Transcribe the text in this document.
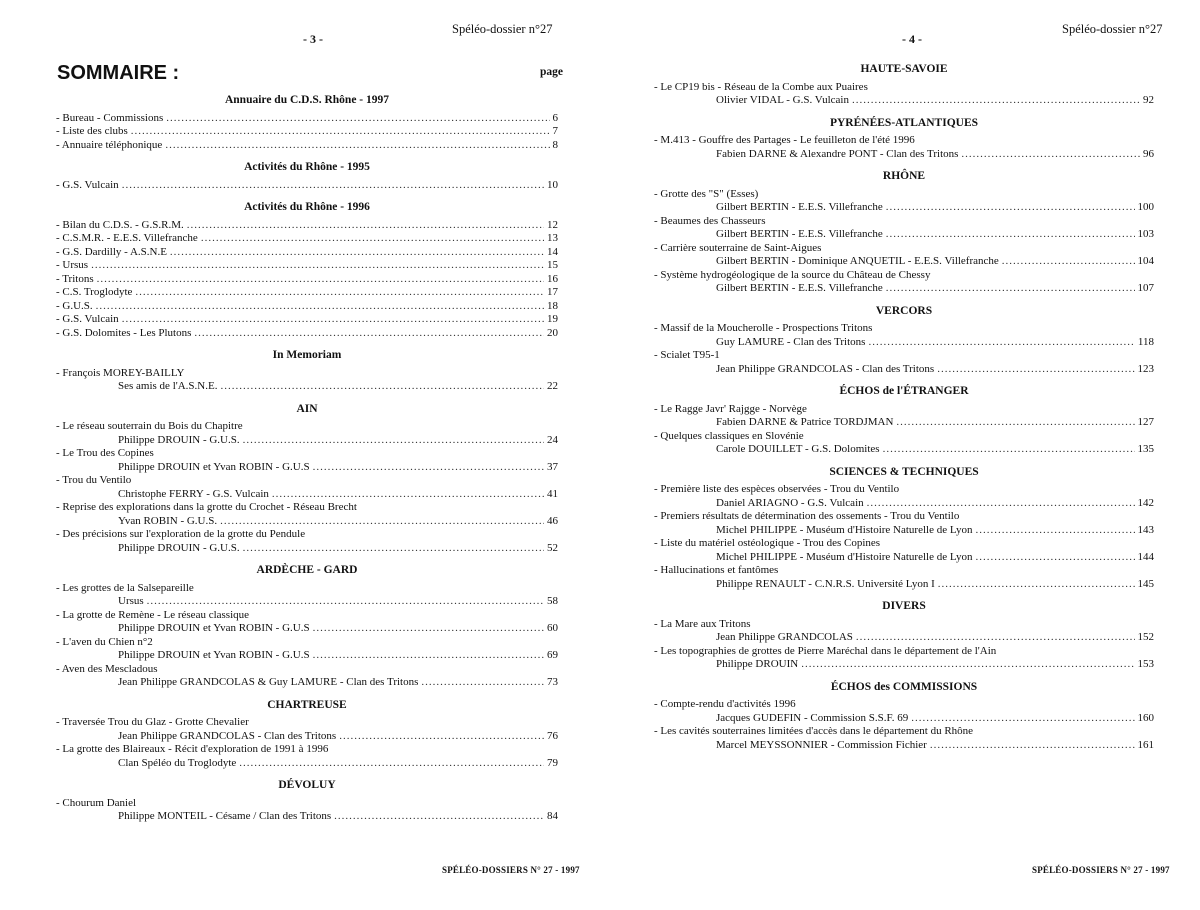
Spéléo-dossier n°27
- 3 -
SOMMAIRE :	page
Annuaire du C.D.S. Rhône - 1997
- Bureau - Commissions .....	6
- Liste des clubs .....	7
- Annuaire téléphonique .....	8
Activités du Rhône - 1995
- G.S. Vulcain .....	10
Activités du Rhône - 1996
- Bilan du C.D.S. - G.S.R.M. .....	12
- C.S.M.R. - E.E.S. Villefranche .....	13
- G.S. Dardilly - A.S.N.E .....	14
- Ursus .....	15
- Tritons .....	16
- C.S. Troglodyte .....	17
- G.U.S. .....	18
- G.S. Vulcain .....	19
- G.S. Dolomites - Les Plutons .....	20
In Memoriam
- François MOREY-BAILLY
Ses amis de l'A.S.N.E. .....	22
AIN
- Le réseau souterrain du Bois du Chapitre
Philippe DROUIN - G.U.S. .....	24
- Le Trou des Copines
Philippe DROUIN et Yvan ROBIN - G.U.S .....	37
- Trou du Ventilo
Christophe FERRY - G.S. Vulcain .....	41
- Reprise des explorations dans la grotte du Crochet - Réseau Brecht
Yvan ROBIN - G.U.S. .....	46
- Des précisions sur l'exploration de la grotte du Pendule
Philippe DROUIN - G.U.S. .....	52
ARDÈCHE - GARD
- Les grottes de la Salsepareille
Ursus .....	58
- La grotte de Remène - Le réseau classique
Philippe DROUIN et Yvan ROBIN - G.U.S .....	60
- L'aven du Chien n°2
Philippe DROUIN et Yvan ROBIN - G.U.S .....	69
- Aven des Mescladous
Jean Philippe GRANDCOLAS & Guy LAMURE - Clan des Tritons .....	73
CHARTREUSE
- Traversée Trou du Glaz - Grotte Chevalier
Jean Philippe GRANDCOLAS - Clan des Tritons .....	76
- La grotte des Blaireaux - Récit d'exploration de 1991 à 1996
Clan Spéléo du Troglodyte .....	79
DÉVOLUY
- Chourum Daniel
Philippe MONTEIL - Césame / Clan des Tritons .....	84
SPÉLÉO-DOSSIERS N° 27 - 1997
Spéléo-dossier n°27
- 4 -
HAUTE-SAVOIE
- Le CP19 bis - Réseau de la Combe aux Puaires
Olivier VIDAL - G.S. Vulcain .....	92
PYRÉNÉES-ATLANTIQUES
- M.413 - Gouffre des Partages - Le feuilleton de l'été 1996
Fabien DARNE & Alexandre PONT - Clan des Tritons .....	96
RHÔNE
- Grotte des "S" (Esses)
Gilbert BERTIN - E.E.S. Villefranche .....	100
- Beaumes des Chasseurs
Gilbert BERTIN - E.E.S. Villefranche .....	103
- Carrière souterraine de Saint-Aigues
Gilbert BERTIN - Dominique ANQUETIL - E.E.S. Villefranche .....	104
- Système hydrogéologique de la source du Château de Chessy
Gilbert BERTIN - E.E.S. Villefranche .....	107
VERCORS
- Massif de la Moucherolle - Prospections Tritons
Guy LAMURE - Clan des Tritons .....	118
- Scialet T95-1
Jean Philippe GRANDCOLAS - Clan des Tritons .....	123
ÉCHOS de l'ÉTRANGER
- Le Ragge Javr' Rajgge - Norvège
Fabien DARNE & Patrice TORDJMAN .....	127
- Quelques classiques en Slovénie
Carole DOUILLET - G.S. Dolomites .....	135
SCIENCES & TECHNIQUES
- Première liste des espèces observées - Trou du Ventilo
Daniel ARIAGNO - G.S. Vulcain .....	142
- Premiers résultats de détermination des ossements - Trou du Ventilo
Michel PHILIPPE - Muséum d'Histoire Naturelle de Lyon .....	143
- Liste du matériel ostéologique - Trou des Copines
Michel PHILIPPE - Muséum d'Histoire Naturelle de Lyon .....	144
- Hallucinations et fantômes
Philippe RENAULT - C.N.R.S. Université Lyon I .....	145
DIVERS
- La Mare aux Tritons
Jean Philippe GRANDCOLAS .....	152
- Les topographies de grottes de Pierre Maréchal dans le département de l'Ain
Philippe DROUIN .....	153
ÉCHOS des COMMISSIONS
- Compte-rendu d'activités 1996
Jacques GUDEFIN - Commission S.S.F. 69 .....	160
- Les cavités souterraines limitées d'accès dans le département du Rhône
Marcel MEYSSONNIER - Commission Fichier .....	161
SPÉLÉO-DOSSIERS N° 27 - 1997
